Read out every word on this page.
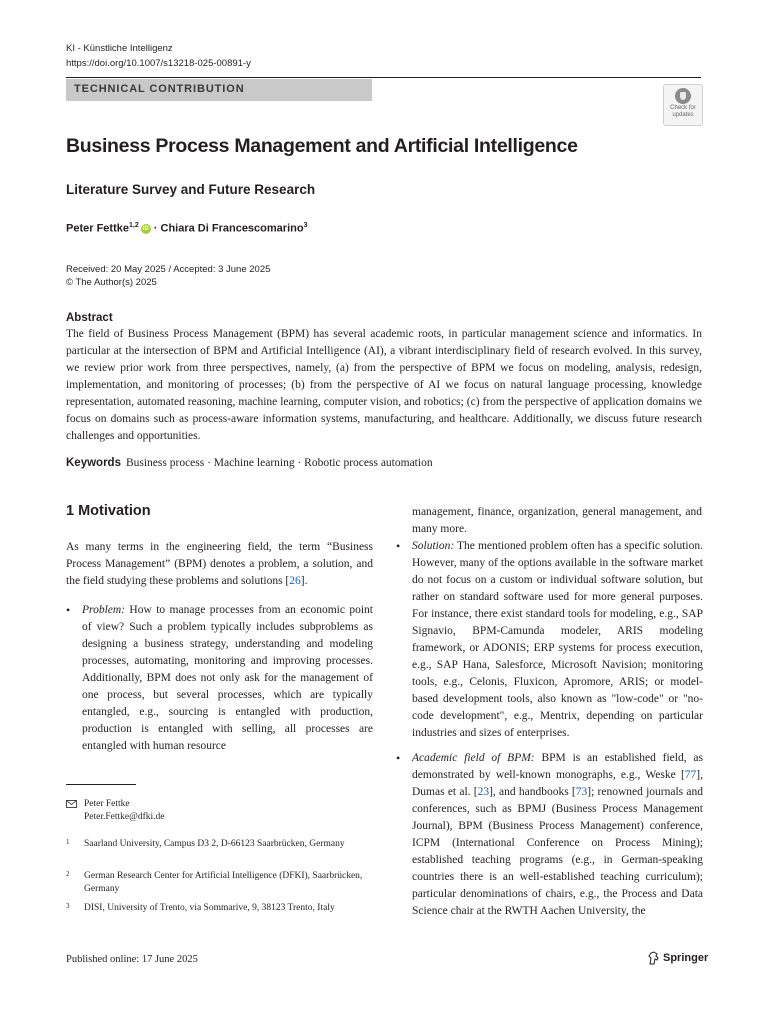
KI - Künstliche Intelligenz
https://doi.org/10.1007/s13218-025-00891-y
TECHNICAL CONTRIBUTION
Check for updates
Business Process Management and Artificial Intelligence
Literature Survey and Future Research
Peter Fettke$^{1,2}$ iD · Chiara Di Francescomarino$^3$
Received: 20 May 2025 / Accepted: 3 June 2025
© The Author(s) 2025
Abstract
The field of Business Process Management (BPM) has several academic roots, in particular management science and informatics. In particular at the intersection of BPM and Artificial Intelligence (AI), a vibrant interdisciplinary field of research evolved. In this survey, we review prior work from three perspectives, namely, (a) from the perspective of BPM we focus on modeling, analysis, redesign, implementation, and monitoring of processes; (b) from the perspective of AI we focus on natural language processing, knowledge representation, automated reasoning, machine learning, computer vision, and robotics; (c) from the perspective of application domains we focus on domains such as process-aware information systems, manufacturing, and healthcare. Additionally, we discuss future research challenges and opportunities.
Keywords Business process · Machine learning · Robotic process automation
1 Motivation
As many terms in the engineering field, the term “Business Process Management” (BPM) denotes a problem, a solution, and the field studying these problems and solutions [26].
• Problem: How to manage processes from an economic point of view? Such a problem typically includes subproblems as designing a business strategy, understanding and modeling processes, automating, monitoring and improving processes. Additionally, BPM does not only ask for the management of one process, but several processes, which are typically entangled, e.g., sourcing is entangled with production, production is entangled with selling, all processes are entangled with human resource
management, finance, organization, general management, and many more.
• Solution: The mentioned problem often has a specific solution. However, many of the options available in the software market do not focus on a custom or individual software solution, but rather on standard software used for more general purposes. For instance, there exist standard tools for modeling, e.g., SAP Signavio, BPM-Camunda modeler, ARIS modeling framework, or ADONIS; ERP systems for process execution, e.g., SAP Hana, Salesforce, Microsoft Navision; monitoring tools, e.g., Celonis, Fluxicon, Apromore, ARIS; or model-based development tools, also known as "low-code" or "no-code development", e.g., Mentrix, depending on particular industries and sizes of enterprises.
• Academic field of BPM: BPM is an established field, as demonstrated by well-known monographs, e.g., Weske [77], Dumas et al. [23], and handbooks [73]; renowned journals and conferences, such as BPMJ (Business Process Management Journal), BPM (Business Process Management) conference, ICPM (International Conference on Process Mining); established teaching programs (e.g., in German-speaking countries there is an well-established teaching curriculum); particular denominations of chairs, e.g., the Process and Data Science chair at the RWTH Aachen University, the
Peter Fettke
Peter.Fettke@dfki.de
1 Saarland University, Campus D3 2, D-66123 Saarbrücken, Germany
2 German Research Center for Artificial Intelligence (DFKI), Saarbrücken, Germany
3 DISI, University of Trento, via Sommarive, 9, 38123 Trento, Italy
Published online: 17 June 2025	Springer
